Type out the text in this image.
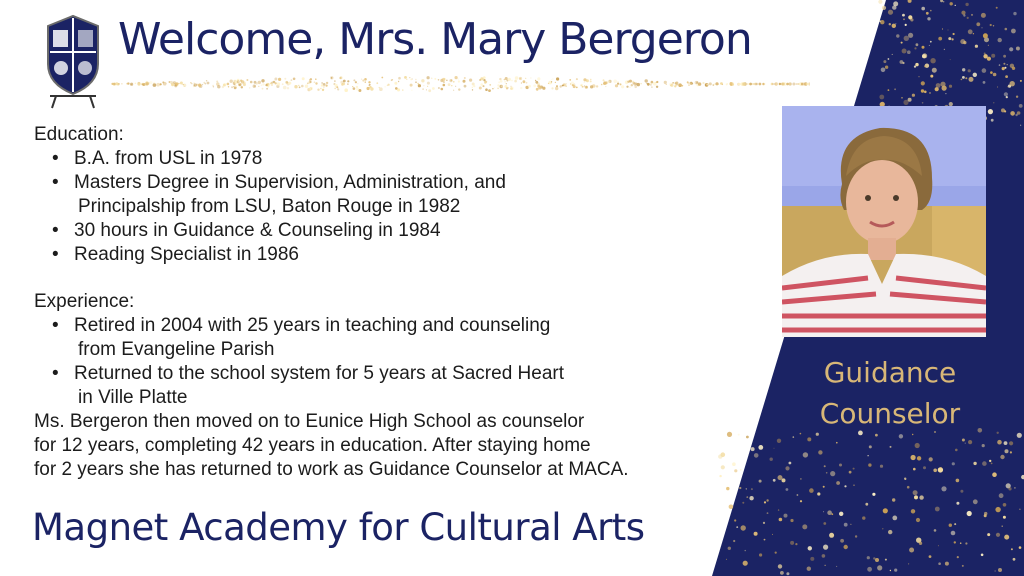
Welcome, Mrs. Mary Bergeron

Education:

• B.A. from USL in 1978
• Masters Degree in Supervision, Administration, and
Principalship from LSU, Baton Rouge in 1982
• 30 hours in Guidance & Counseling in 1984
• Reading Specialist in 1986

Experience:

• Retired in 2004 with 25 years in teaching and counseling
from Evangeline Parish
• Returned to the school system for 5 years at Sacred Heart
in Ville Platte
Ms. Bergeron then moved on to Eunice High School as counselor
for 12 years, completing 42 years in education. After staying home
for 2 years she has returned to work as Guidance Counselor at MACA.
Magnet Academy for Cultural Arts
Guidance
Counselor
